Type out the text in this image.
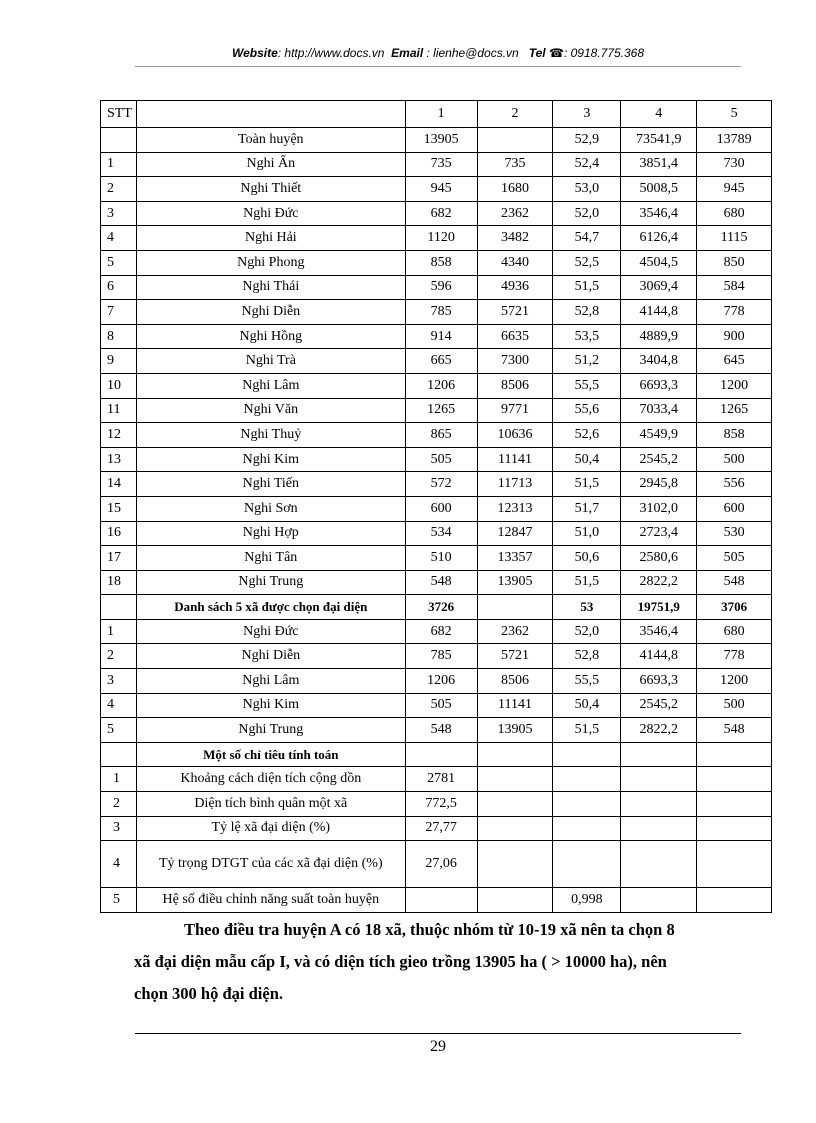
Website: http://www.docs.vn Email : lienhe@docs.vn Tel ☎: 0918.775.368
STT		1	2	3	4	5
	Toàn huyện	13905		52,9	73541,9	13789
1	Nghi Ấn	735	735	52,4	3851,4	730
2	Nghi Thiết	945	1680	53,0	5008,5	945
3	Nghi Đức	682	2362	52,0	3546,4	680
4	Nghi Hải	1120	3482	54,7	6126,4	1115
5	Nghi Phong	858	4340	52,5	4504,5	850
6	Nghi Thái	596	4936	51,5	3069,4	584
7	Nghi Diễn	785	5721	52,8	4144,8	778
8	Nghi Hồng	914	6635	53,5	4889,9	900
9	Nghi Trà	665	7300	51,2	3404,8	645
10	Nghi Lâm	1206	8506	55,5	6693,3	1200
11	Nghi Văn	1265	9771	55,6	7033,4	1265
12	Nghi Thuỷ	865	10636	52,6	4549,9	858
13	Nghi Kim	505	11141	50,4	2545,2	500
14	Nghi Tiến	572	11713	51,5	2945,8	556
15	Nghi Sơn	600	12313	51,7	3102,0	600
16	Nghi Hợp	534	12847	51,0	2723,4	530
17	Nghi Tân	510	13357	50,6	2580,6	505
18	Nghi Trung	548	13905	51,5	2822,2	548
	Danh sách 5 xã được chọn đại diện	3726		53	19751,9	3706
1	Nghi Đức	682	2362	52,0	3546,4	680
2	Nghi Diễn	785	5721	52,8	4144,8	778
3	Nghi Lâm	1206	8506	55,5	6693,3	1200
4	Nghi Kim	505	11141	50,4	2545,2	500
5	Nghi Trung	548	13905	51,5	2822,2	548
	Một số chỉ tiêu tính toán					
1	Khoảng cách diện tích cộng dồn	2781				
2	Diện tích bình quân một xã	772,5				
3	Tỷ lệ xã đại diện (%)	27,77				
4	Tỷ trọng DTGT của các xã đại diện (%)	27,06				
5	Hệ số điều chỉnh năng suất toàn huyện			0,998		
Theo điều tra huyện A có 18 xã, thuộc nhóm từ 10-19 xã nên ta chọn 8
xã đại diện mẫu cấp I, và có diện tích gieo trồng 13905 ha ( > 10000 ha), nên
chọn 300 hộ đại diện.
29
